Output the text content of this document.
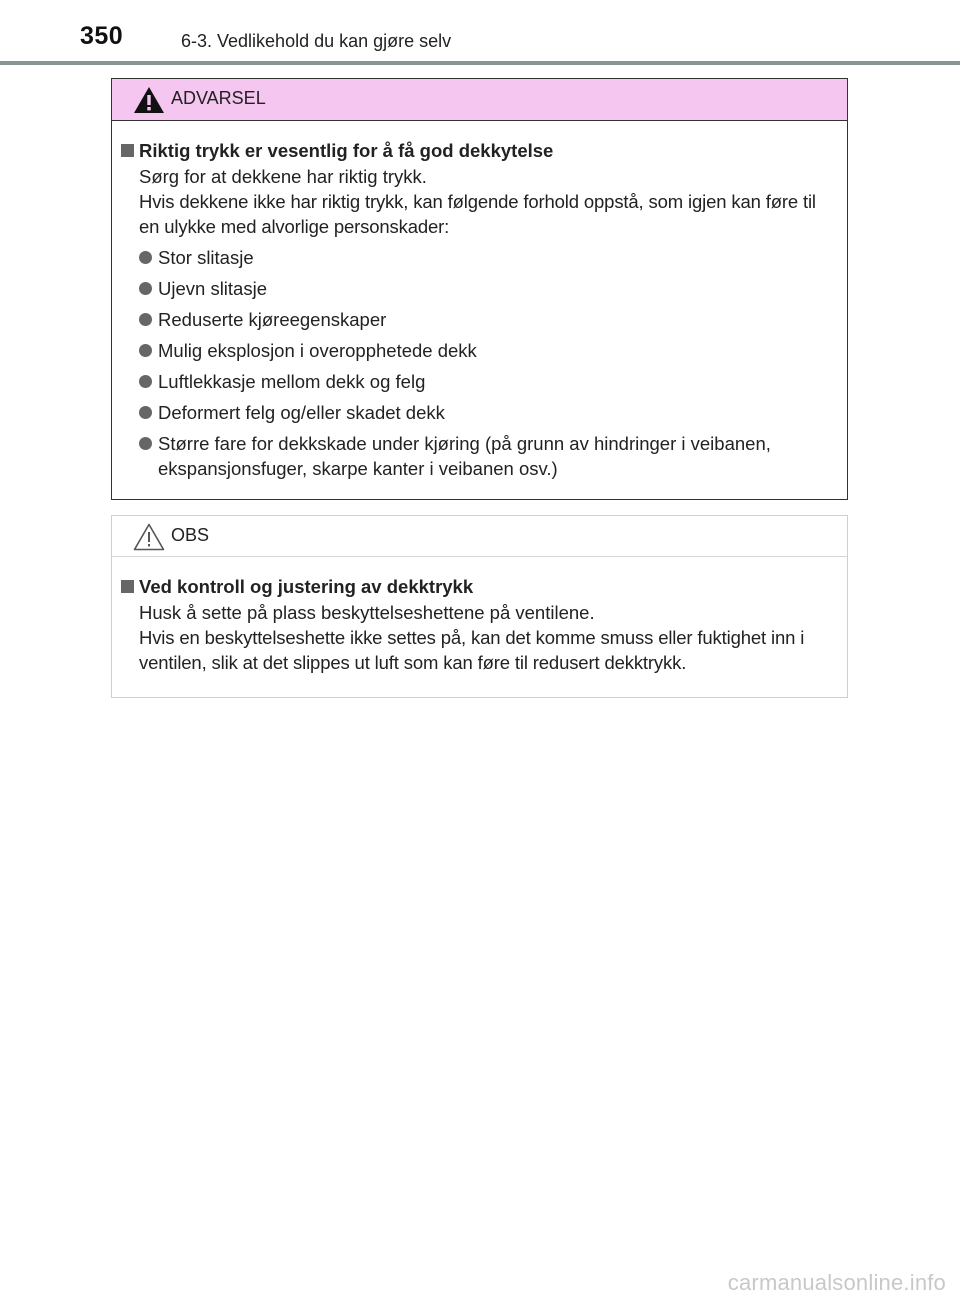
350	6-3. Vedlikehold du kan gjøre selv
ADVARSEL
Riktig trykk er vesentlig for å få god dekkytelse
Sørg for at dekkene har riktig trykk.
Hvis dekkene ikke har riktig trykk, kan følgende forhold oppstå, som igjen kan føre til en ulykke med alvorlige personskader:
Stor slitasje
Ujevn slitasje
Reduserte kjøreegenskaper
Mulig eksplosjon i overopphetede dekk
Luftlekkasje mellom dekk og felg
Deformert felg og/eller skadet dekk
Større fare for dekkskade under kjøring (på grunn av hindringer i veibanen, ekspansjonsfuger, skarpe kanter i veibanen osv.)
OBS
Ved kontroll og justering av dekktrykk
Husk å sette på plass beskyttelseshettene på ventilene.
Hvis en beskyttelseshette ikke settes på, kan det komme smuss eller fuktighet inn i ventilen, slik at det slippes ut luft som kan føre til redusert dekktrykk.
carmanualsonline.info
